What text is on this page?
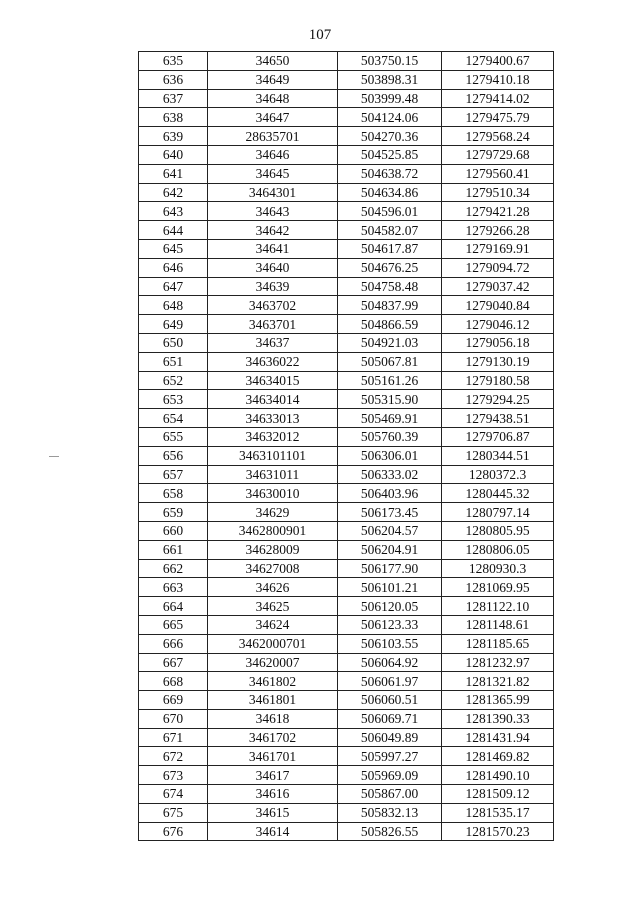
107
635	34650	503750.15	1279400.67
636	34649	503898.31	1279410.18
637	34648	503999.48	1279414.02
638	34647	504124.06	1279475.79
639	28635701	504270.36	1279568.24
640	34646	504525.85	1279729.68
641	34645	504638.72	1279560.41
642	3464301	504634.86	1279510.34
643	34643	504596.01	1279421.28
644	34642	504582.07	1279266.28
645	34641	504617.87	1279169.91
646	34640	504676.25	1279094.72
647	34639	504758.48	1279037.42
648	3463702	504837.99	1279040.84
649	3463701	504866.59	1279046.12
650	34637	504921.03	1279056.18
651	34636022	505067.81	1279130.19
652	34634015	505161.26	1279180.58
653	34634014	505315.90	1279294.25
654	34633013	505469.91	1279438.51
655	34632012	505760.39	1279706.87
656	3463101101	506306.01	1280344.51
657	34631011	506333.02	1280372.3
658	34630010	506403.96	1280445.32
659	34629	506173.45	1280797.14
660	3462800901	506204.57	1280805.95
661	34628009	506204.91	1280806.05
662	34627008	506177.90	1280930.3
663	34626	506101.21	1281069.95
664	34625	506120.05	1281122.10
665	34624	506123.33	1281148.61
666	3462000701	506103.55	1281185.65
667	34620007	506064.92	1281232.97
668	3461802	506061.97	1281321.82
669	3461801	506060.51	1281365.99
670	34618	506069.71	1281390.33
671	3461702	506049.89	1281431.94
672	3461701	505997.27	1281469.82
673	34617	505969.09	1281490.10
674	34616	505867.00	1281509.12
675	34615	505832.13	1281535.17
676	34614	505826.55	1281570.23
